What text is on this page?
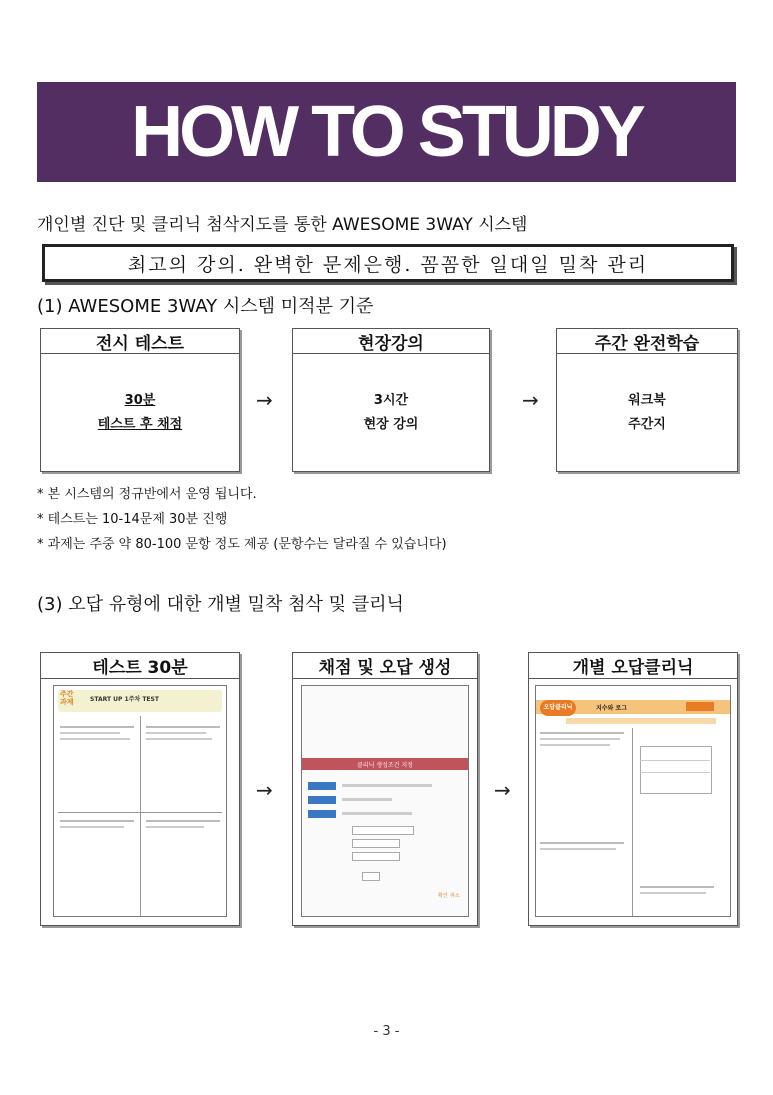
HOW TO STUDY
개인별 진단 및 클리닉 첨삭지도를 통한 AWESOME 3WAY 시스템
최고의 강의. 완벽한 문제은행. 꼼꼼한 일대일 밀착 관리
(1) AWESOME 3WAY 시스템 미적분 기준
전시 테스트
30분
테스트 후 채점
→
현장강의
3시간
현장 강의
→
주간 완전학습
워크북
주간지
* 본 시스템의 정규반에서 운영 됩니다.
* 테스트는 10-14문제 30분 진행
* 과제는 주중 약 80-100 문항 정도 제공 (문항수는 달라질 수 있습니다)
(3) 오답 유형에 대한 개별 밀착 첨삭 및 클리닉
테스트 30분
주간
과제	START UP 1주차 TEST
→
채점 및 오답 생성
클리닉 생성조건 지정
확인 취소
→
개별 오답클리닉
오답클리닉	지수와 로그
- 3 -
